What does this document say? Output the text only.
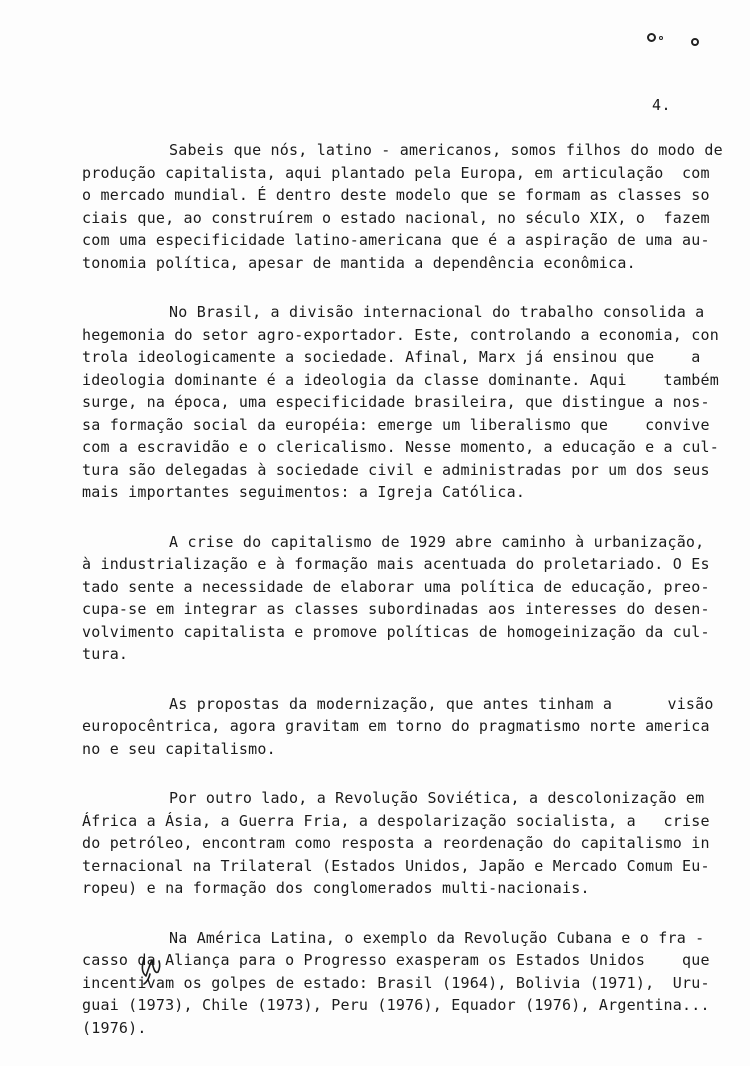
4.

Sabeis que nós, latino - americanos, somos filhos do modo de
produção capitalista, aqui plantado pela Europa, em articulação  com
o mercado mundial. É dentro deste modelo que se formam as classes so
ciais que, ao construírem o estado nacional, no século XIX, o  fazem
com uma especificidade latino-americana que é a aspiração de uma au-
tonomia política, apesar de mantida a dependência econômica.

No Brasil, a divisão internacional do trabalho consolida a
hegemonia do setor agro-exportador. Este, controlando a economia, con
trola ideologicamente a sociedade. Afinal, Marx já ensinou que    a
ideologia dominante é a ideologia da classe dominante. Aqui    também
surge, na época, uma especificidade brasileira, que distingue a nos-
sa formação social da européia: emerge um liberalismo que    convive
com a escravidão e o clericalismo. Nesse momento, a educação e a cul-
tura são delegadas à sociedade civil e administradas por um dos seus
mais importantes seguimentos: a Igreja Católica.

A crise do capitalismo de 1929 abre caminho à urbanização,
à industrialização e à formação mais acentuada do proletariado. O Es
tado sente a necessidade de elaborar uma política de educação, preo-
cupa-se em integrar as classes subordinadas aos interesses do desen-
volvimento capitalista e promove políticas de homogeinização da cul-
tura.

As propostas da modernização, que antes tinham a      visão
europocêntrica, agora gravitam em torno do pragmatismo norte america
no e seu capitalismo.

Por outro lado, a Revolução Soviética, a descolonização em
África a Ásia, a Guerra Fria, a despolarização socialista, a   crise
do petróleo, encontram como resposta a reordenação do capitalismo in
ternacional na Trilateral (Estados Unidos, Japão e Mercado Comum Eu-
ropeu) e na formação dos conglomerados multi-nacionais.

Na América Latina, o exemplo da Revolução Cubana e o fra -
casso da Aliança para o Progresso exasperam os Estados Unidos    que
incentivam os golpes de estado: Brasil (1964), Bolivia (1971),  Uru-
guai (1973), Chile (1973), Peru (1976), Equador (1976), Argentina...
(1976).
